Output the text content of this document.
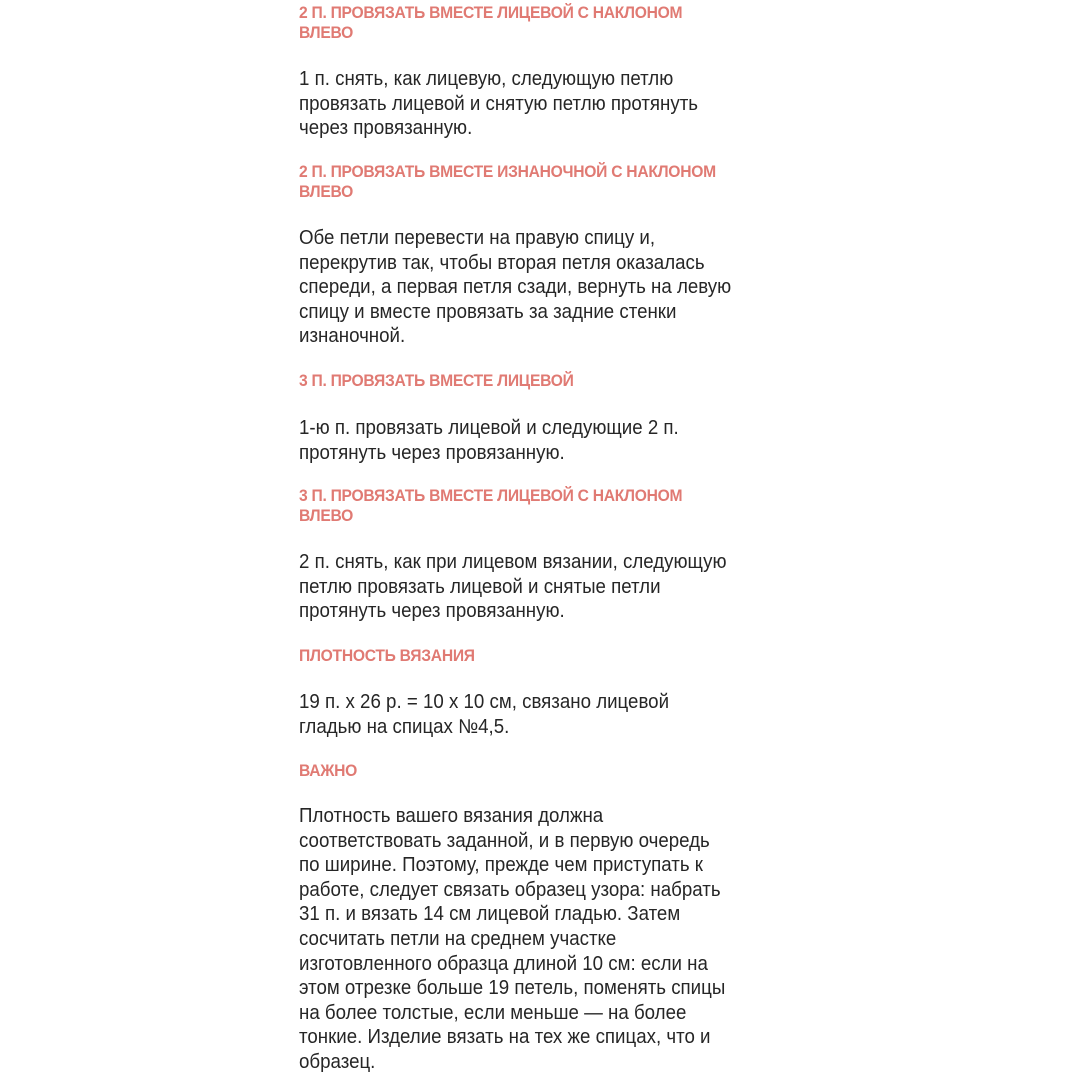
2 П. ПРОВЯЗАТЬ ВМЕСТЕ ЛИЦЕВОЙ С НАКЛОНОМ
ВЛЕВО

1 п. снять, как лицевую, следующую петлю
провязать лицевой и снятую петлю протянуть
через провязанную.

2 П. ПРОВЯЗАТЬ ВМЕСТЕ ИЗНАНОЧНОЙ С НАКЛОНОМ
ВЛЕВО

Обе петли перевести на правую спицу и,
перекрутив так, чтобы вторая петля оказалась
спереди, а первая петля сзади, вернуть на левую
спицу и вместе провязать за задние стенки
изнаночной.

3 П. ПРОВЯЗАТЬ ВМЕСТЕ ЛИЦЕВОЙ

1-ю п. провязать лицевой и следующие 2 п.
протянуть через провязанную.

3 П. ПРОВЯЗАТЬ ВМЕСТЕ ЛИЦЕВОЙ С НАКЛОНОМ
ВЛЕВО

2 п. снять, как при лицевом вязании, следующую
петлю провязать лицевой и снятые петли
протянуть через провязанную.

ПЛОТНОСТЬ ВЯЗАНИЯ

19 п. x 26 р. = 10 x 10 см, связано лицевой
гладью на спицах №4,5.

ВАЖНО

Плотность вашего вязания должна
соответствовать заданной, и в первую очередь
по ширине. Поэтому, прежде чем приступать к
работе, следует связать образец узора: набрать
31 п. и вязать 14 см лицевой гладью. Затем
сосчитать петли на среднем участке
изготовленного образца длиной 10 см: если на
этом отрезке больше 19 петель, поменять спицы
на более толстые, если меньше — на более
тонкие. Изделие вязать на тех же спицах, что и
образец.
